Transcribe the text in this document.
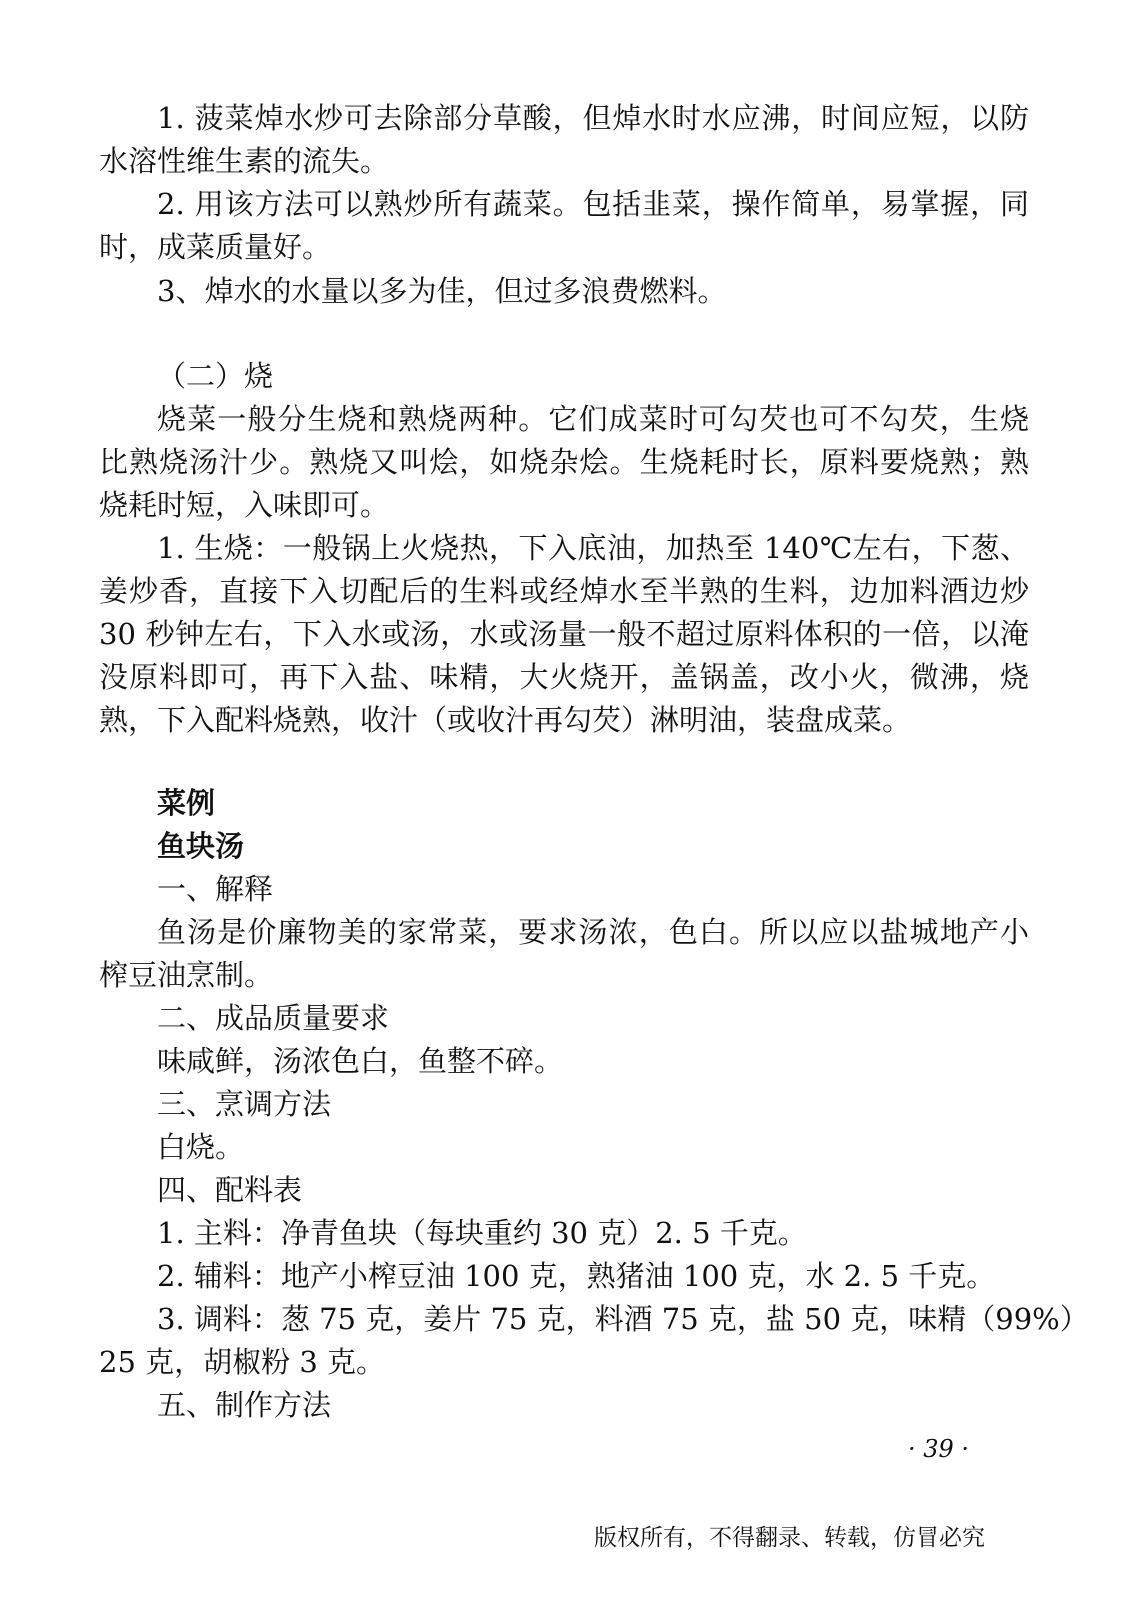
1. 菠菜焯水炒可去除部分草酸，但焯水时水应沸，时间应短，以防
水溶性维生素的流失。
2. 用该方法可以熟炒所有蔬菜。包括韭菜，操作简单，易掌握，同
时，成菜质量好。
3、焯水的水量以多为佳，但过多浪费燃料。
（二）烧
烧菜一般分生烧和熟烧两种。它们成菜时可勾芡也可不勾芡，生烧
比熟烧汤汁少。熟烧又叫烩，如烧杂烩。生烧耗时长，原料要烧熟；熟
烧耗时短，入味即可。
1. 生烧：一般锅上火烧热，下入底油，加热至 140℃左右，下葱、
姜炒香，直接下入切配后的生料或经焯水至半熟的生料，边加料酒边炒
30 秒钟左右，下入水或汤，水或汤量一般不超过原料体积的一倍，以淹
没原料即可，再下入盐、味精，大火烧开，盖锅盖，改小火，微沸，烧
熟，下入配料烧熟，收汁（或收汁再勾芡）淋明油，装盘成菜。
菜例
鱼块汤
一、解释
鱼汤是价廉物美的家常菜，要求汤浓，色白。所以应以盐城地产小
榨豆油烹制。
二、成品质量要求
味咸鲜，汤浓色白，鱼整不碎。
三、烹调方法
白烧。
四、配料表
1. 主料：净青鱼块（每块重约 30 克）2. 5 千克。
2. 辅料：地产小榨豆油 100 克，熟猪油 100 克，水 2. 5 千克。
3. 调料：葱 75 克，姜片 75 克，料酒 75 克，盐 50 克，味精（99%）
25 克，胡椒粉 3 克。
五、制作方法
· 39 ·
版权所有，不得翻录、转载，仿冒必究
